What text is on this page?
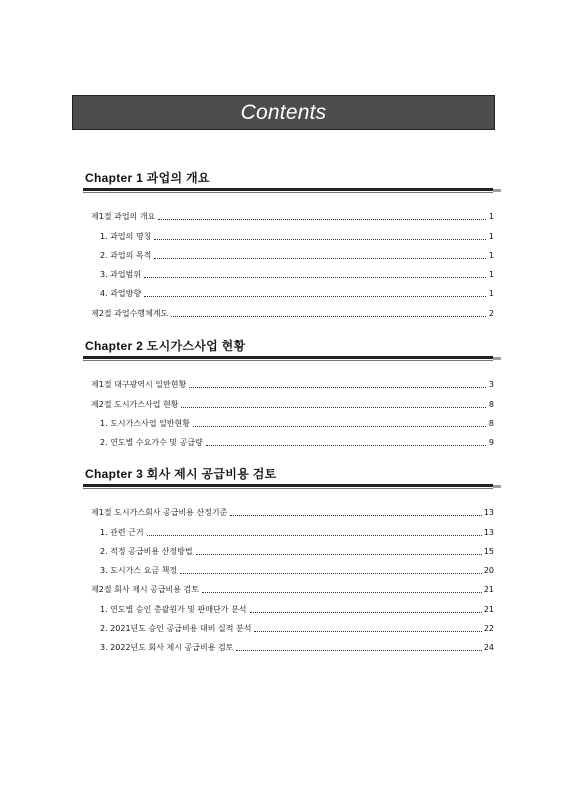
Contents
Chapter 1 과업의 개요
제1절 과업의 개요	1
1. 과업의 명칭	1
2. 과업의 목적	1
3. 과업범위	1
4. 과업방향	1
제2절 과업수행체계도	2
Chapter 2 도시가스사업 현황
제1절 대구광역시 일반현황	3
제2절 도시가스사업 현황	8
1. 도시가스사업 일반현황	8
2. 연도별 수요가수 및 공급량	9
Chapter 3 회사 제시 공급비용 검토
제1절 도시가스회사 공급비용 산정기준	13
1. 관련 근거	13
2. 적정 공급비용 산정방법	15
3. 도시가스 요금 책정	20
제2절 회사 제시 공급비용 검토	21
1. 연도별 승인 총괄원가 및 판매단가 분석	21
2. 2021년도 승인 공급비용 대비 실적 분석	22
3. 2022년도 회사 제시 공급비용 검토	24
